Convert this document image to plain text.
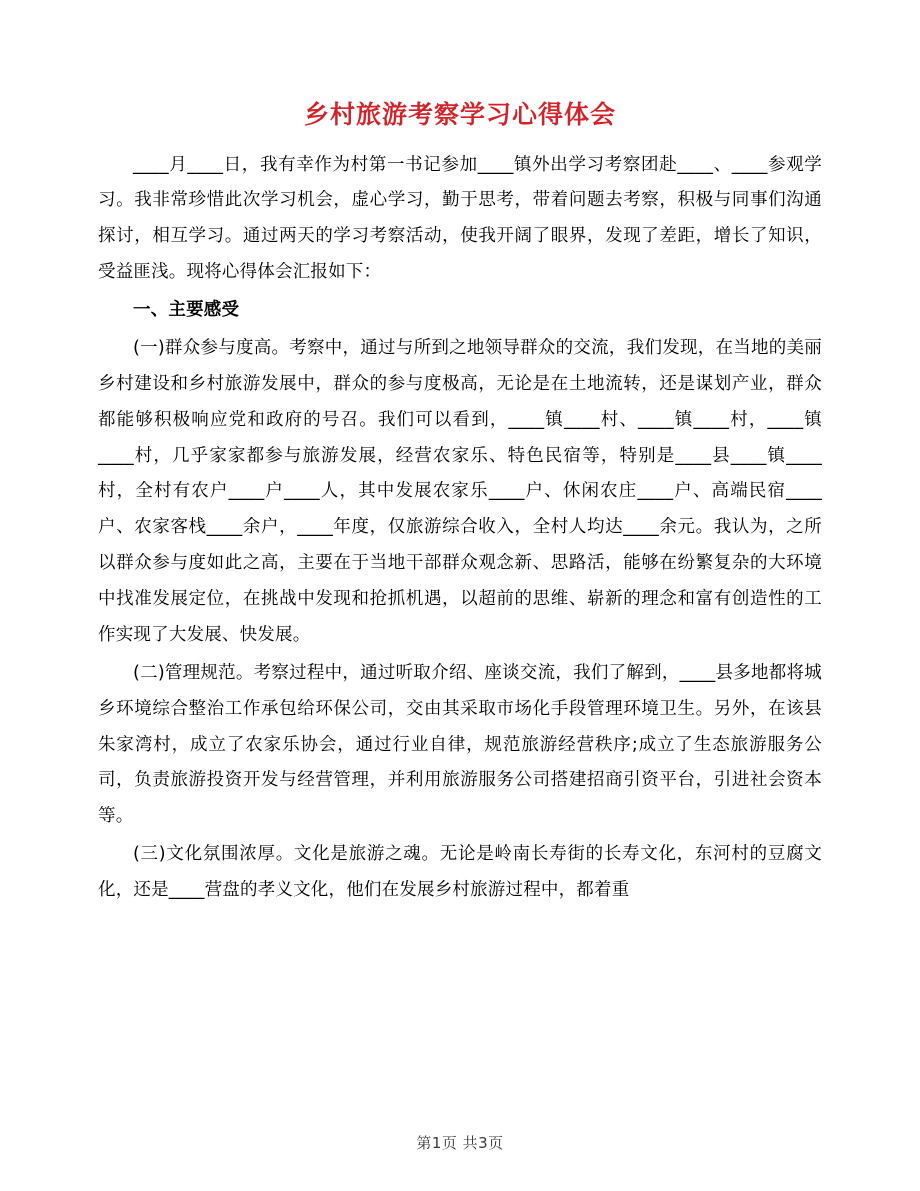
乡村旅游考察学习心得体会

____月____日，我有幸作为村第一书记参加____镇外出学习考察团赴____、____参观学习。我非常珍惜此次学习机会，虚心学习，勤于思考，带着问题去考察，积极与同事们沟通探讨，相互学习。通过两天的学习考察活动，使我开阔了眼界，发现了差距，增长了知识，受益匪浅。现将心得体会汇报如下：

一、主要感受

(一)群众参与度高。考察中，通过与所到之地领导群众的交流，我们发现，在当地的美丽乡村建设和乡村旅游发展中，群众的参与度极高，无论是在土地流转，还是谋划产业，群众都能够积极响应党和政府的号召。我们可以看到，____镇____村、____镇____村，____镇____村，几乎家家都参与旅游发展，经营农家乐、特色民宿等，特别是____县____镇____村，全村有农户____户____人，其中发展农家乐____户、休闲农庄____户、高端民宿____户、农家客栈____余户，____年度，仅旅游综合收入，全村人均达____余元。我认为，之所以群众参与度如此之高，主要在于当地干部群众观念新、思路活，能够在纷繁复杂的大环境中找准发展定位，在挑战中发现和抢抓机遇，以超前的思维、崭新的理念和富有创造性的工作实现了大发展、快发展。

(二)管理规范。考察过程中，通过听取介绍、座谈交流，我们了解到，____县多地都将城乡环境综合整治工作承包给环保公司，交由其采取市场化手段管理环境卫生。另外，在该县朱家湾村，成立了农家乐协会，通过行业自律，规范旅游经营秩序;成立了生态旅游服务公司，负责旅游投资开发与经营管理，并利用旅游服务公司搭建招商引资平台，引进社会资本等。

(三)文化氛围浓厚。文化是旅游之魂。无论是岭南长寿街的长寿文化，东河村的豆腐文化，还是____营盘的孝义文化，他们在发展乡村旅游过程中，都着重

第1页 共3页
